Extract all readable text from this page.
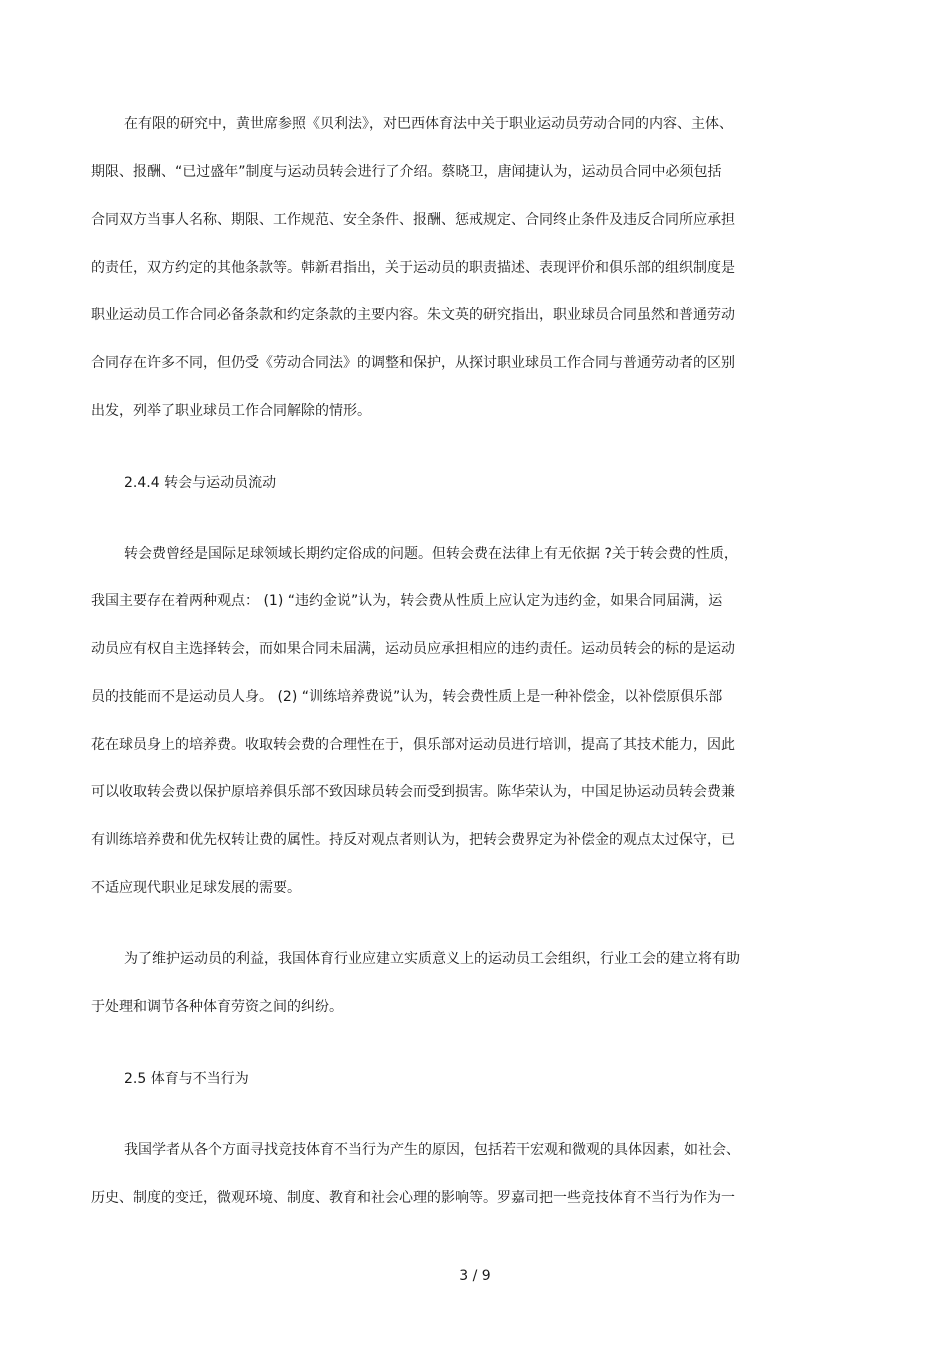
在有限的研究中，黄世席参照《贝利法》，对巴西体育法中关于职业运动员劳动合同的内容、主体、
期限、报酬、“已过盛年”制度与运动员转会进行了介绍。蔡晓卫，唐闻捷认为，运动员合同中必须包括
合同双方当事人名称、期限、工作规范、安全条件、报酬、惩戒规定、合同终止条件及违反合同所应承担
的责任，双方约定的其他条款等。韩新君指出，关于运动员的职责描述、表现评价和俱乐部的组织制度是
职业运动员工作合同必备条款和约定条款的主要内容。朱文英的研究指出，职业球员合同虽然和普通劳动
合同存在许多不同，但仍受《劳动合同法》的调整和保护，从探讨职业球员工作合同与普通劳动者的区别
出发，列举了职业球员工作合同解除的情形。
2.4.4 转会与运动员流动
转会费曾经是国际足球领域长期约定俗成的问题。但转会费在法律上有无依据 ?关于转会费的性质，
我国主要存在着两种观点： (1) “违约金说”认为，转会费从性质上应认定为违约金，如果合同届满，运
动员应有权自主选择转会，而如果合同未届满，运动员应承担相应的违约责任。运动员转会的标的是运动
员的技能而不是运动员人身。 (2) “训练培养费说”认为，转会费性质上是一种补偿金，以补偿原俱乐部
花在球员身上的培养费。收取转会费的合理性在于，俱乐部对运动员进行培训，提高了其技术能力，因此
可以收取转会费以保护原培养俱乐部不致因球员转会而受到损害。陈华荣认为，中国足协运动员转会费兼
有训练培养费和优先权转让费的属性。持反对观点者则认为，把转会费界定为补偿金的观点太过保守，已
不适应现代职业足球发展的需要。
为了维护运动员的利益，我国体育行业应建立实质意义上的运动员工会组织，行业工会的建立将有助
于处理和调节各种体育劳资之间的纠纷。
2.5 体育与不当行为
我国学者从各个方面寻找竞技体育不当行为产生的原因，包括若干宏观和微观的具体因素，如社会、
历史、制度的变迁，微观环境、制度、教育和社会心理的影响等。罗嘉司把一些竞技体育不当行为作为一
3 / 9
